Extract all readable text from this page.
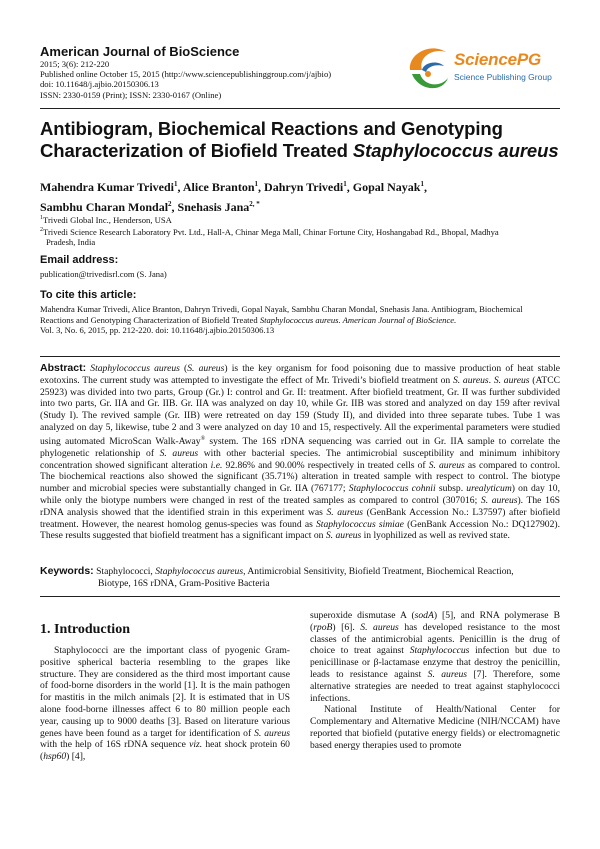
American Journal of BioScience
2015; 3(6): 212-220
Published online October 15, 2015 (http://www.sciencepublishinggroup.com/j/ajbio)
doi: 10.11648/j.ajbio.20150306.13
ISSN: 2330-0159 (Print); ISSN: 2330-0167 (Online)
SciencePG
Science Publishing Group
Antibiogram, Biochemical Reactions and Genotyping
Characterization of Biofield Treated Staphylococcus aureus
Mahendra Kumar Trivedi$^1$, Alice Branton$^1$, Dahryn Trivedi$^1$, Gopal Nayak$^1$,
Sambhu Charan Mondal$^2$, Snehasis Jana$^{2, *}$
$^1$Trivedi Global Inc., Henderson, USA
$^2$Trivedi Science Research Laboratory Pvt. Ltd., Hall-A, Chinar Mega Mall, Chinar Fortune City, Hoshangabad Rd., Bhopal, Madhya
Pradesh, India
Email address:
publication@trivedisrl.com (S. Jana)
To cite this article:
Mahendra Kumar Trivedi, Alice Branton, Dahryn Trivedi, Gopal Nayak, Sambhu Charan Mondal, Snehasis Jana. Antibiogram, Biochemical
Reactions and Genotyping Characterization of Biofield Treated Staphylococcus aureus. American Journal of BioScience.
Vol. 3, No. 6, 2015, pp. 212-220. doi: 10.11648/j.ajbio.20150306.13
Abstract: Staphylococcus aureus (S. aureus) is the key organism for food poisoning due to massive production of heat stable exotoxins. The current study was attempted to investigate the effect of Mr. Trivedi’s biofield treatment on S. aureus. S. aureus (ATCC 25923) was divided into two parts, Group (Gr.) I: control and Gr. II: treatment. After biofield treatment, Gr. II was further subdivided into two parts, Gr. IIA and Gr. IIB. Gr. IIA was analyzed on day 10, while Gr. IIB was stored and analyzed on day 159 after revival (Study I). The revived sample (Gr. IIB) were retreated on day 159 (Study II), and divided into three separate tubes. Tube 1 was analyzed on day 5, likewise, tube 2 and 3 were analyzed on day 10 and 15, respectively. All the experimental parameters were studied using automated MicroScan Walk-Away® system. The 16S rDNA sequencing was carried out in Gr. IIA sample to correlate the phylogenetic relationship of S. aureus with other bacterial species. The antimicrobial susceptibility and minimum inhibitory concentration showed significant alteration i.e. 92.86% and 90.00% respectively in treated cells of S. aureus as compared to control. The biochemical reactions also showed the significant (35.71%) alteration in treated sample with respect to control. The biotype number and microbial species were substantially changed in Gr. IIA (767177; Staphylococcus cohnii subsp. urealyticum) on day 10, while only the biotype numbers were changed in rest of the treated samples as compared to control (307016; S. aureus). The 16S rDNA analysis showed that the identified strain in this experiment was S. aureus (GenBank Accession No.: L37597) after biofield treatment. However, the nearest homolog genus-species was found as Staphylococcus simiae (GenBank Accession No.: DQ127902). These results suggested that biofield treatment has a significant impact on S. aureus in lyophilized as well as revived state.
Keywords: Staphylococci, Staphylococcus aureus, Antimicrobial Sensitivity, Biofield Treatment, Biochemical Reaction,
Biotype, 16S rDNA, Gram-Positive Bacteria
1. Introduction

Staphylococci are the important class of pyogenic Gram-positive spherical bacteria resembling to the grapes like structure. They are considered as the third most important cause of food-borne disorders in the world [1]. It is the main pathogen for mastitis in the milch animals [2]. It is estimated that in US alone food-borne illnesses affect 6 to 80 million people each year, causing up to 9000 deaths [3]. Based on literature various genes have been found as a target for identification of S. aureus with the help of 16S rDNA sequence viz. heat shock protein 60 (hsp60) [4],

superoxide dismutase A (sodA) [5], and RNA polymerase B (rpoB) [6]. S. aureus has developed resistance to the most classes of the antimicrobial agents. Penicillin is the drug of choice to treat against Staphylococcus infection but due to penicillinase or β-lactamase enzyme that destroy the penicillin, leads to resistance against S. aureus [7]. Therefore, some alternative strategies are needed to treat against staphylococci infections.

National Institute of Health/National Center for Complementary and Alternative Medicine (NIH/NCCAM) have reported that biofield (putative energy fields) or electromagnetic based energy therapies used to promote
